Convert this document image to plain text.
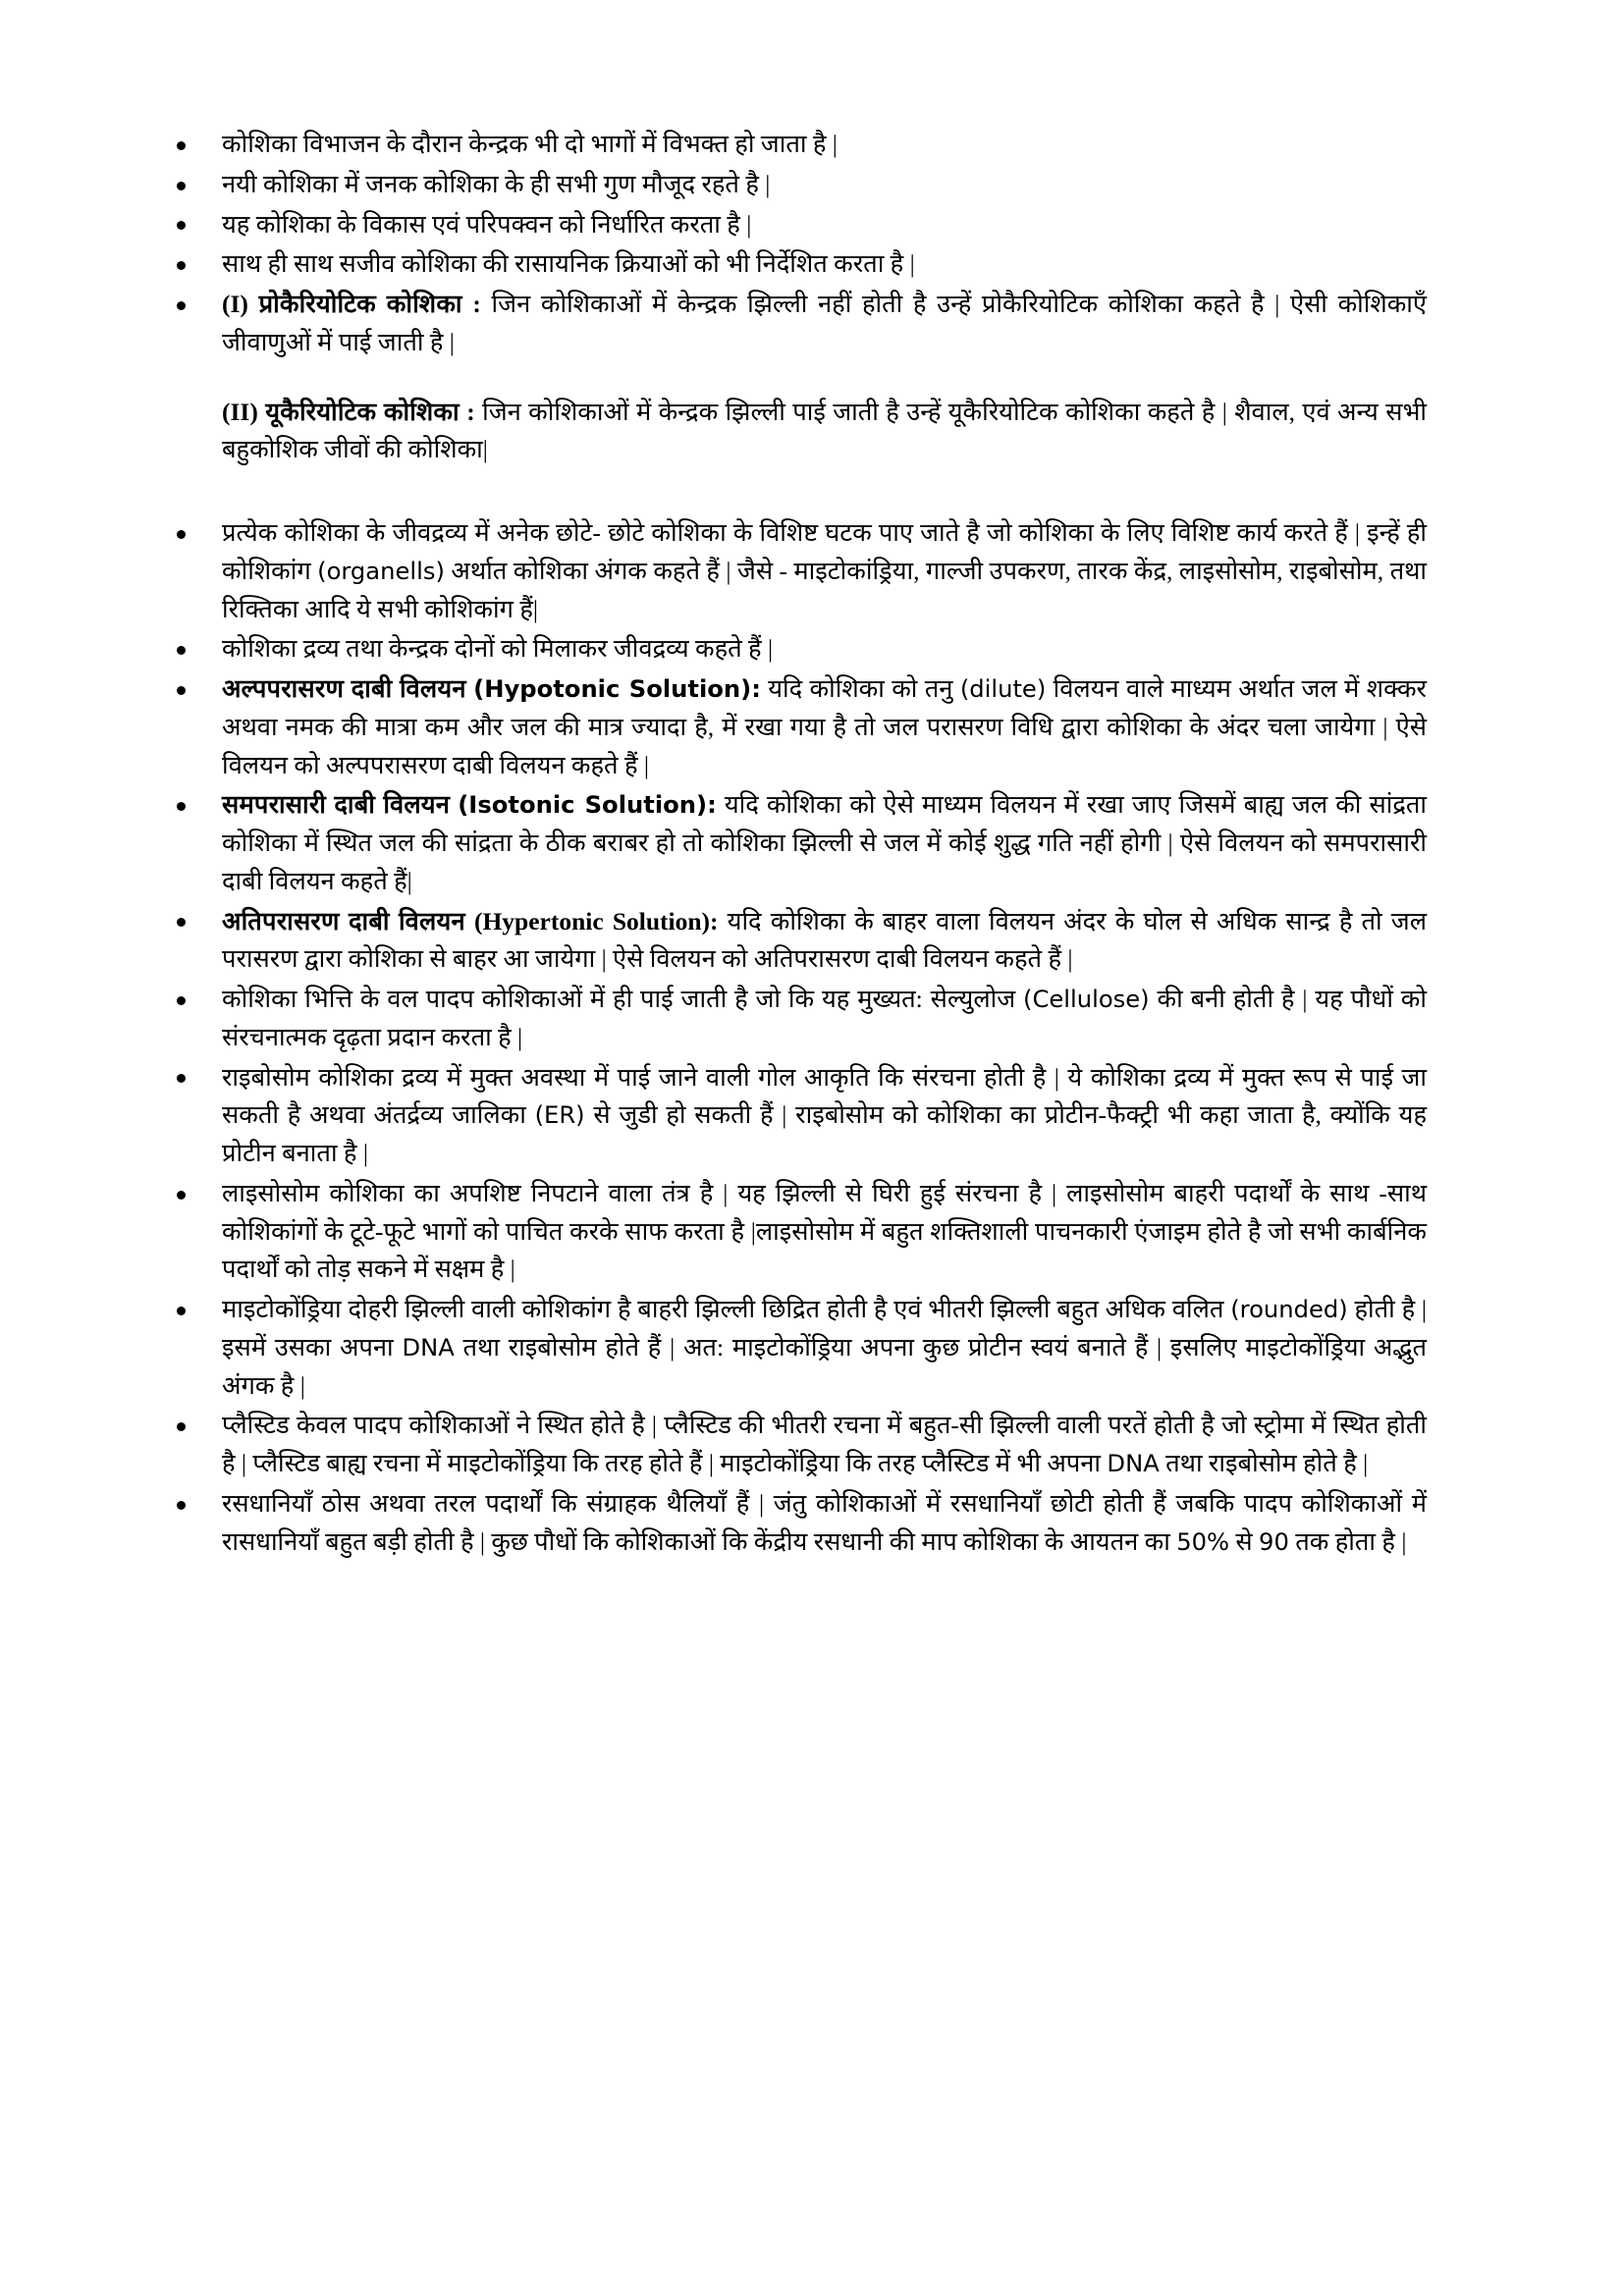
कोशिका विभाजन के दौरान केन्द्रक भी दो भागों में विभक्त हो जाता है |
नयी कोशिका में जनक कोशिका के ही सभी गुण मौजूद रहते है |
यह कोशिका के विकास एवं परिपक्वन को निर्धारित करता है |
साथ ही साथ सजीव कोशिका की रासायनिक क्रियाओं को भी निर्देशित करता है |
(I) प्रोकैरियोटिक कोशिका : जिन कोशिकाओं में केन्द्रक झिल्ली नहीं होती है उन्हें प्रोकैरियोटिक कोशिका कहते है | ऐसी कोशिकाएँ जीवाणुओं में पाई जाती है |
(II) यूकैरियोटिक कोशिका : जिन कोशिकाओं में केन्द्रक झिल्ली पाई जाती है उन्हें यूकैरियोटिक कोशिका कहते है | शैवाल, एवं अन्य सभी बहुकोशिक जीवों की कोशिका|
प्रत्येक कोशिका के जीवद्रव्य में अनेक छोटे- छोटे कोशिका के विशिष्ट घटक पाए जाते है जो कोशिका के लिए विशिष्ट कार्य करते हैं | इन्हें ही कोशिकांग (organells) अर्थात कोशिका अंगक कहते हैं | जैसे - माइटोकांड्रिया, गाल्जी उपकरण, तारक केंद्र, लाइसोसोम, राइबोसोम, तथा रिक्तिका आदि ये सभी कोशिकांग हैं|
कोशिका द्रव्य तथा केन्द्रक दोनों को मिलाकर जीवद्रव्य कहते हैं |
अल्पपरासरण दाबी विलयन (Hypotonic Solution): यदि कोशिका को तनु (dilute) विलयन वाले माध्यम अर्थात जल में शक्कर अथवा नमक की मात्रा कम और जल की मात्र ज्यादा है, में रखा गया है तो जल परासरण विधि द्वारा कोशिका के अंदर चला जायेगा | ऐसे विलयन को अल्पपरासरण दाबी विलयन कहते हैं |
समपरासारी दाबी विलयन (Isotonic Solution): यदि कोशिका को ऐसे माध्यम विलयन में रखा जाए जिसमें बाह्य जल की सांद्रता कोशिका में स्थित जल की सांद्रता के ठीक बराबर हो तो कोशिका झिल्ली से जल में कोई शुद्ध गति नहीं होगी | ऐसे विलयन को समपरासारी दाबी विलयन कहते हैं|
अतिपरासरण दाबी विलयन (Hypertonic Solution): यदि कोशिका के बाहर वाला विलयन अंदर के घोल से अधिक सान्द्र है तो जल परासरण द्वारा कोशिका से बाहर आ जायेगा | ऐसे विलयन को अतिपरासरण दाबी विलयन कहते हैं |
कोशिका भित्ति के वल पादप कोशिकाओं में ही पाई जाती है जो कि यह मुख्यत: सेल्युलोज (Cellulose) की बनी होती है | यह पौधों को संरचनात्मक दृढ़ता प्रदान करता है |
राइबोसोम कोशिका द्रव्य में मुक्त अवस्था में पाई जाने वाली गोल आकृति कि संरचना होती है | ये कोशिका द्रव्य में मुक्त रूप से पाई जा सकती है अथवा अंतर्द्रव्य जालिका (ER) से जुडी हो सकती हैं | राइबोसोम को कोशिका का प्रोटीन-फैक्ट्री भी कहा जाता है, क्योंकि यह प्रोटीन बनाता है |
लाइसोसोम कोशिका का अपशिष्ट निपटाने वाला तंत्र है | यह झिल्ली से घिरी हुई संरचना है | लाइसोसोम बाहरी पदार्थों के साथ -साथ कोशिकांगों के टूटे-फूटे भागों को पाचित करके साफ करता है |लाइसोसोम में बहुत शक्तिशाली पाचनकारी एंजाइम होते है जो सभी कार्बनिक पदार्थों को तोड़ सकने में सक्षम है |
माइटोकोंड्रिया दोहरी झिल्ली वाली कोशिकांग है बाहरी झिल्ली छिद्रित होती है एवं भीतरी झिल्ली बहुत अधिक वलित (rounded) होती है | इसमें उसका अपना DNA तथा राइबोसोम होते हैं | अत: माइटोकोंड्रिया अपना कुछ प्रोटीन स्वयं बनाते हैं | इसलिए माइटोकोंड्रिया अद्भुत अंगक है |
प्लैस्टिड केवल पादप कोशिकाओं ने स्थित होते है | प्लैस्टिड की भीतरी रचना में बहुत-सी झिल्ली वाली परतें होती है जो स्ट्रोमा में स्थित होती है | प्लैस्टिड बाह्य रचना में माइटोकोंड्रिया कि तरह होते हैं | माइटोकोंड्रिया कि तरह प्लैस्टिड में भी अपना DNA तथा राइबोसोम होते है |
रसधानियाँ ठोस अथवा तरल पदार्थों कि संग्राहक थैलियाँ हैं | जंतु कोशिकाओं में रसधानियाँ छोटी होती हैं जबकि पादप कोशिकाओं में रासधानियाँ बहुत बड़ी होती है | कुछ पौधों कि कोशिकाओं कि केंद्रीय रसधानी की माप कोशिका के आयतन का 50% से 90 तक होता है |
